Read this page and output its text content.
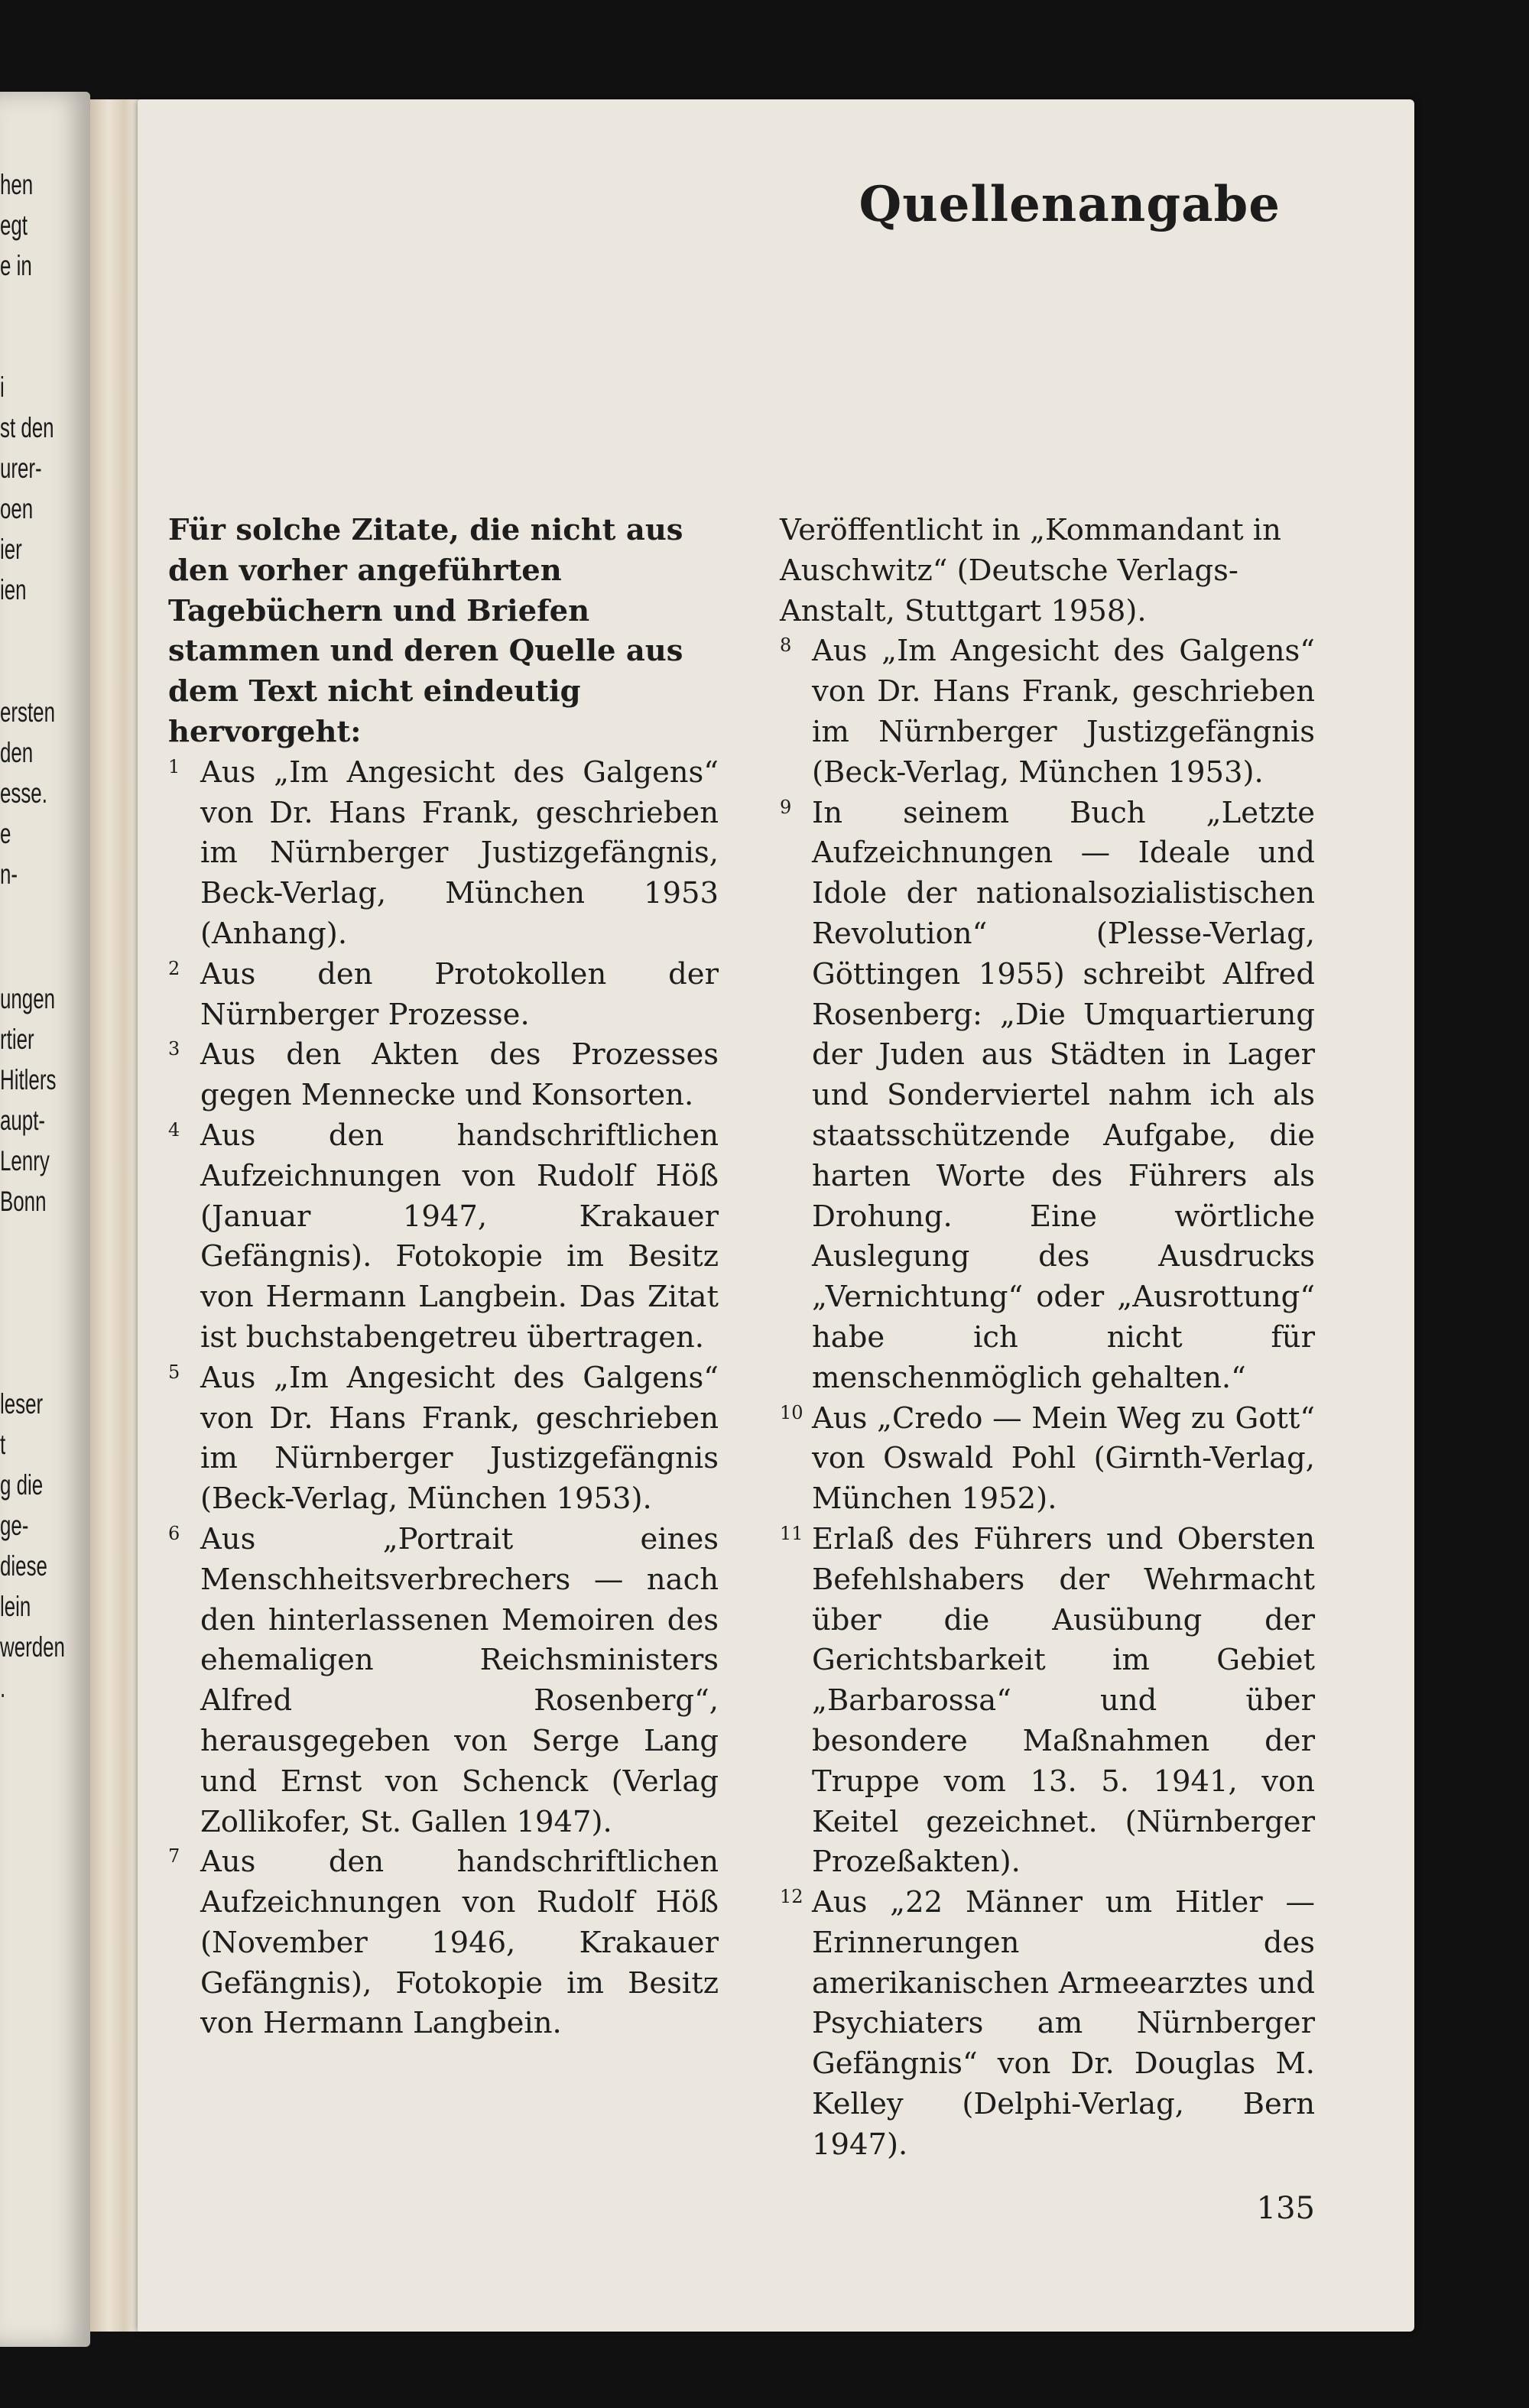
hen
egt
e in
i
st den
urer-
oen
ier
ien
ersten
den
esse.
e
n-
ungen
rtier
Hitlers
aupt-
Lenry
Bonn
leser
t
g die
ge-
diese
lein
werden
.
Quellenangabe
Für solche Zitate, die nicht aus den vorher angeführten Tagebüchern und Briefen stammen und deren Quelle aus dem Text nicht eindeutig hervorgeht:
1 Aus „Im Angesicht des Galgens“ von Dr. Hans Frank, geschrieben im Nürnberger Justizgefängnis, Beck-Verlag, München 1953 (Anhang).
2 Aus den Protokollen der Nürnberger Prozesse.
3 Aus den Akten des Prozesses gegen Mennecke und Konsorten.
4 Aus den handschriftlichen Aufzeichnungen von Rudolf Höß (Januar 1947, Krakauer Gefängnis). Fotokopie im Besitz von Hermann Langbein. Das Zitat ist buchstabengetreu übertragen.
5 Aus „Im Angesicht des Galgens“ von Dr. Hans Frank, geschrieben im Nürnberger Justizgefängnis (Beck-Verlag, München 1953).
6 Aus „Portrait eines Menschheitsverbrechers — nach den hinterlassenen Memoiren des ehemaligen Reichsministers Alfred Rosenberg“, herausgegeben von Serge Lang und Ernst von Schenck (Verlag Zollikofer, St. Gallen 1947).
7 Aus den handschriftlichen Aufzeichnungen von Rudolf Höß (November 1946, Krakauer Gefängnis), Fotokopie im Besitz von Hermann Langbein.
Veröffentlicht in „Kommandant in Auschwitz“ (Deutsche Verlags-Anstalt, Stuttgart 1958).
8 Aus „Im Angesicht des Galgens“ von Dr. Hans Frank, geschrieben im Nürnberger Justizgefängnis (Beck-Verlag, München 1953).
9 In seinem Buch „Letzte Aufzeichnungen — Ideale und Idole der nationalsozialistischen Revolution“ (Plesse-Verlag, Göttingen 1955) schreibt Alfred Rosenberg: „Die Umquartierung der Juden aus Städten in Lager und Sonderviertel nahm ich als staatsschützende Aufgabe, die harten Worte des Führers als Drohung. Eine wörtliche Auslegung des Ausdrucks „Vernichtung“ oder „Ausrottung“ habe ich nicht für menschenmöglich gehalten.“
10 Aus „Credo — Mein Weg zu Gott“ von Oswald Pohl (Girnth-Verlag, München 1952).
11 Erlaß des Führers und Obersten Befehlshabers der Wehrmacht über die Ausübung der Gerichtsbarkeit im Gebiet „Barbarossa“ und über besondere Maßnahmen der Truppe vom 13. 5. 1941, von Keitel gezeichnet. (Nürnberger Prozeßakten).
12 Aus „22 Männer um Hitler — Erinnerungen des amerikanischen Armeearztes und Psychiaters am Nürnberger Gefängnis“ von Dr. Douglas M. Kelley (Delphi-Verlag, Bern 1947).
135
